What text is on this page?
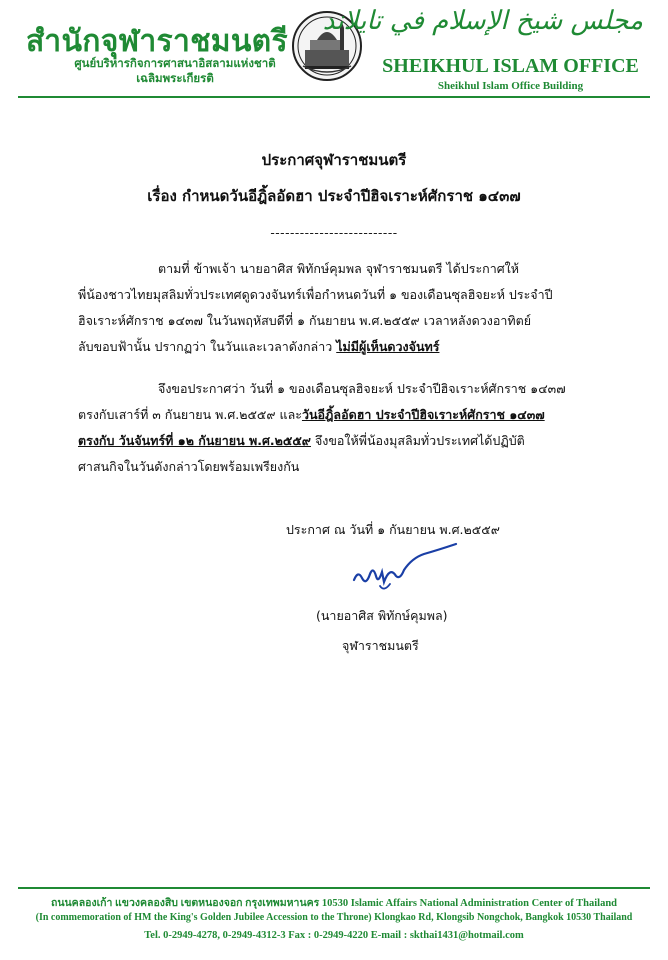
สำนักจุฬาราชมนตรี
ศูนย์บริหารกิจการศาสนาอิสลามแห่งชาติ
เฉลิมพระเกียรติ
مجلس شيخ الإسلام في تايلاند
SHEIKHUL ISLAM OFFICE
Sheikhul Islam Office Building
ประกาศจุฬาราชมนตรี
เรื่อง กำหนดวันอีฎิ้ลอัดฮา ประจำปีฮิจเราะห์ศักราช ๑๔๓๗
--------------------------
ตามที่ ข้าพเจ้า นายอาศิส พิทักษ์คุมพล จุฬาราชมนตรี ได้ประกาศให้
พี่น้องชาวไทยมุสลิมทั่วประเทศดูดวงจันทร์เพื่อกำหนดวันที่ ๑ ของเดือนซุลฮิจยะห์ ประจำปี
ฮิจเราะห์ศักราช ๑๔๓๗ ในวันพฤหัสบดีที่ ๑ กันยายน พ.ศ.๒๕๕๙ เวลาหลังดวงอาทิตย์
ลับขอบฟ้านั้น ปรากฏว่า ในวันและเวลาดังกล่าว ไม่มีผู้เห็นดวงจันทร์
จึงขอประกาศว่า วันที่ ๑ ของเดือนซุลฮิจยะห์ ประจำปีฮิจเราะห์ศักราช ๑๔๓๗
ตรงกับเสาร์ที่ ๓ กันยายน พ.ศ.๒๕๕๙ และวันอีฎิ้ลอัดฮา ประจำปีฮิจเราะห์ศักราช ๑๔๓๗
ตรงกับ วันจันทร์ที่ ๑๒ กันยายน พ.ศ.๒๕๕๙ จึงขอให้พี่น้องมุสลิมทั่วประเทศได้ปฏิบัติ
ศาสนกิจในวันดังกล่าวโดยพร้อมเพรียงกัน
ประกาศ ณ วันที่ ๑ กันยายน พ.ศ.๒๕๕๙
(นายอาศิส พิทักษ์คุมพล)
จุฬาราชมนตรี
ถนนคลองเก้า แขวงคลองสิบ เขตหนองจอก กรุงเทพมหานคร 10530 Islamic Affairs National Administration Center of Thailand
(In commemoration of HM the King's Golden Jubilee Accession to the Throne) Klongkao Rd, Klongsib Nongchok, Bangkok 10530 Thailand
Tel. 0-2949-4278, 0-2949-4312-3 Fax : 0-2949-4220 E-mail : skthai1431@hotmail.com
